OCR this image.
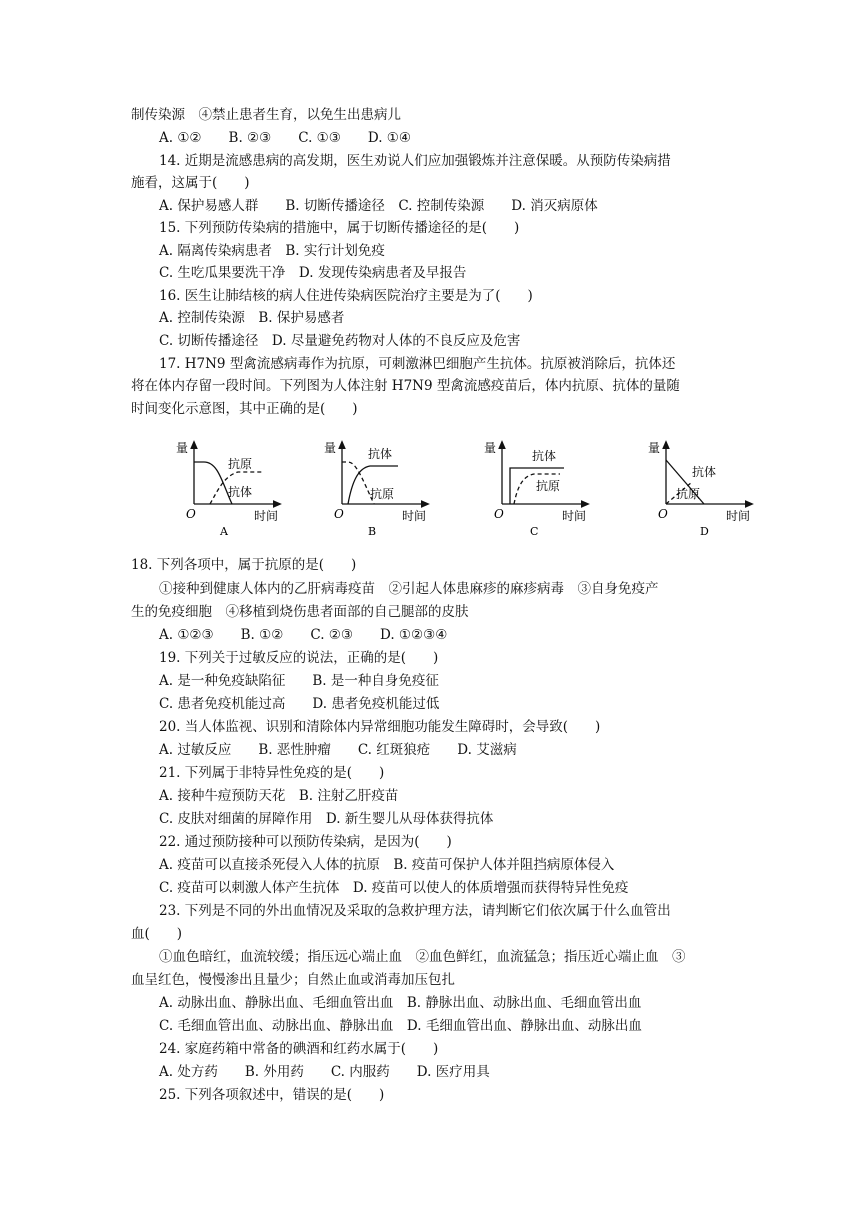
制传染源　④禁止患者生育，以免生出患病儿
A. ①②　　B. ②③　　C. ①③　　D. ①④
14. 近期是流感患病的高发期，医生劝说人们应加强锻炼并注意保暖。从预防传染病措
施看，这属于(　　)
A. 保护易感人群　　B. 切断传播途径　C. 控制传染源　　D. 消灭病原体
15. 下列预防传染病的措施中，属于切断传播途径的是(　　)
A. 隔离传染病患者　B. 实行计划免疫
C. 生吃瓜果要洗干净　D. 发现传染病患者及早报告
16. 医生让肺结核的病人住进传染病医院治疗主要是为了(　　)
A. 控制传染源　B. 保护易感者
C. 切断传播途径　D. 尽量避免药物对人体的不良反应及危害
17. H7N9 型禽流感病毒作为抗原，可刺激淋巴细胞产生抗体。抗原被消除后，抗体还
将在体内存留一段时间。下列图为人体注射 H7N9 型禽流感疫苗后，体内抗原、抗体的量随
时间变化示意图，其中正确的是(　　)
量
O	时间
抗原
抗体
A
量
O	时间
抗体
抗原
B
量
O	时间
抗体
抗原
C
量
O	时间
抗体
抗原
D
18. 下列各项中，属于抗原的是(　　)
①接种到健康人体内的乙肝病毒疫苗　②引起人体患麻疹的麻疹病毒　③自身免疫产
生的免疫细胞　④移植到烧伤患者面部的自己腿部的皮肤
A. ①②③　　B. ①②　　C. ②③　　D. ①②③④
19. 下列关于过敏反应的说法，正确的是(　　)
A. 是一种免疫缺陷征　　B. 是一种自身免疫征
C. 患者免疫机能过高　　D. 患者免疫机能过低
20. 当人体监视、识别和清除体内异常细胞功能发生障碍时，会导致(　　)
A. 过敏反应　　B. 恶性肿瘤　　C. 红斑狼疮　　D. 艾滋病
21. 下列属于非特异性免疫的是(　　)
A. 接种牛痘预防天花　B. 注射乙肝疫苗
C. 皮肤对细菌的屏障作用　D. 新生婴儿从母体获得抗体
22. 通过预防接种可以预防传染病，是因为(　　)
A. 疫苗可以直接杀死侵入人体的抗原　B. 疫苗可保护人体并阻挡病原体侵入
C. 疫苗可以刺激人体产生抗体　D. 疫苗可以使人的体质增强而获得特异性免疫
23. 下列是不同的外出血情况及采取的急救护理方法，请判断它们依次属于什么血管出
血(　　)
①血色暗红，血流较缓；指压远心端止血　②血色鲜红，血流猛急；指压近心端止血　③
血呈红色，慢慢渗出且量少；自然止血或消毒加压包扎
A. 动脉出血、静脉出血、毛细血管出血　B. 静脉出血、动脉出血、毛细血管出血
C. 毛细血管出血、动脉出血、静脉出血　D. 毛细血管出血、静脉出血、动脉出血
24. 家庭药箱中常备的碘酒和红药水属于(　　)
A. 处方药　　B. 外用药　　C. 内服药　　D. 医疗用具
25. 下列各项叙述中，错误的是(　　)
